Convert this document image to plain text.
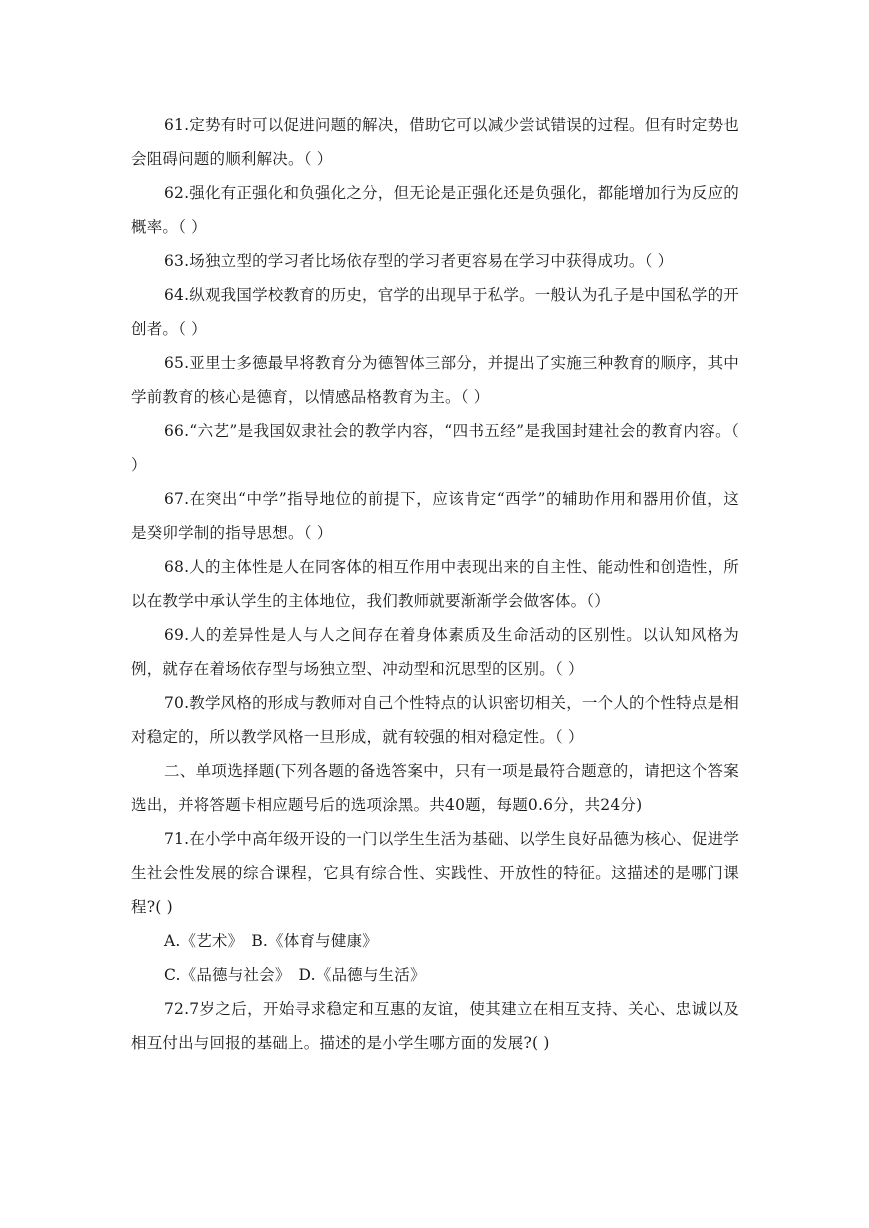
61.定势有时可以促进问题的解决，借助它可以减少尝试错误的过程。但有时定势也会阻碍问题的顺利解决。（ ）

62.强化有正强化和负强化之分，但无论是正强化还是负强化，都能增加行为反应的概率。（ ）

63.场独立型的学习者比场依存型的学习者更容易在学习中获得成功。（ ）

64.纵观我国学校教育的历史，官学的出现早于私学。一般认为孔子是中国私学的开创者。（ ）

65.亚里士多德最早将教育分为德智体三部分，并提出了实施三种教育的顺序，其中学前教育的核心是德育，以情感品格教育为主。（ ）

66.“六艺”是我国奴隶社会的教学内容，“四书五经”是我国封建社会的教育内容。（ ）

67.在突出“中学”指导地位的前提下，应该肯定“西学”的辅助作用和器用价值，这是癸卯学制的指导思想。（ ）

68.人的主体性是人在同客体的相互作用中表现出来的自主性、能动性和创造性，所以在教学中承认学生的主体地位，我们教师就要渐渐学会做客体。（）

69.人的差异性是人与人之间存在着身体素质及生命活动的区别性。以认知风格为例，就存在着场依存型与场独立型、冲动型和沉思型的区别。（ ）

70.教学风格的形成与教师对自己个性特点的认识密切相关，一个人的个性特点是相对稳定的，所以教学风格一旦形成，就有较强的相对稳定性。（ ）

二、单项选择题(下列各题的备选答案中，只有一项是最符合题意的，请把这个答案选出，并将答题卡相应题号后的选项涂黑。共40题，每题0.6分，共24分)

71.在小学中高年级开设的一门以学生生活为基础、以学生良好品德为核心、促进学生社会性发展的综合课程，它具有综合性、实践性、开放性的特征。这描述的是哪门课程?( )

A.《艺术》 B.《体育与健康》

C.《品德与社会》 D.《品德与生活》

72.7岁之后，开始寻求稳定和互惠的友谊，使其建立在相互支持、关心、忠诚以及相互付出与回报的基础上。描述的是小学生哪方面的发展?( )
